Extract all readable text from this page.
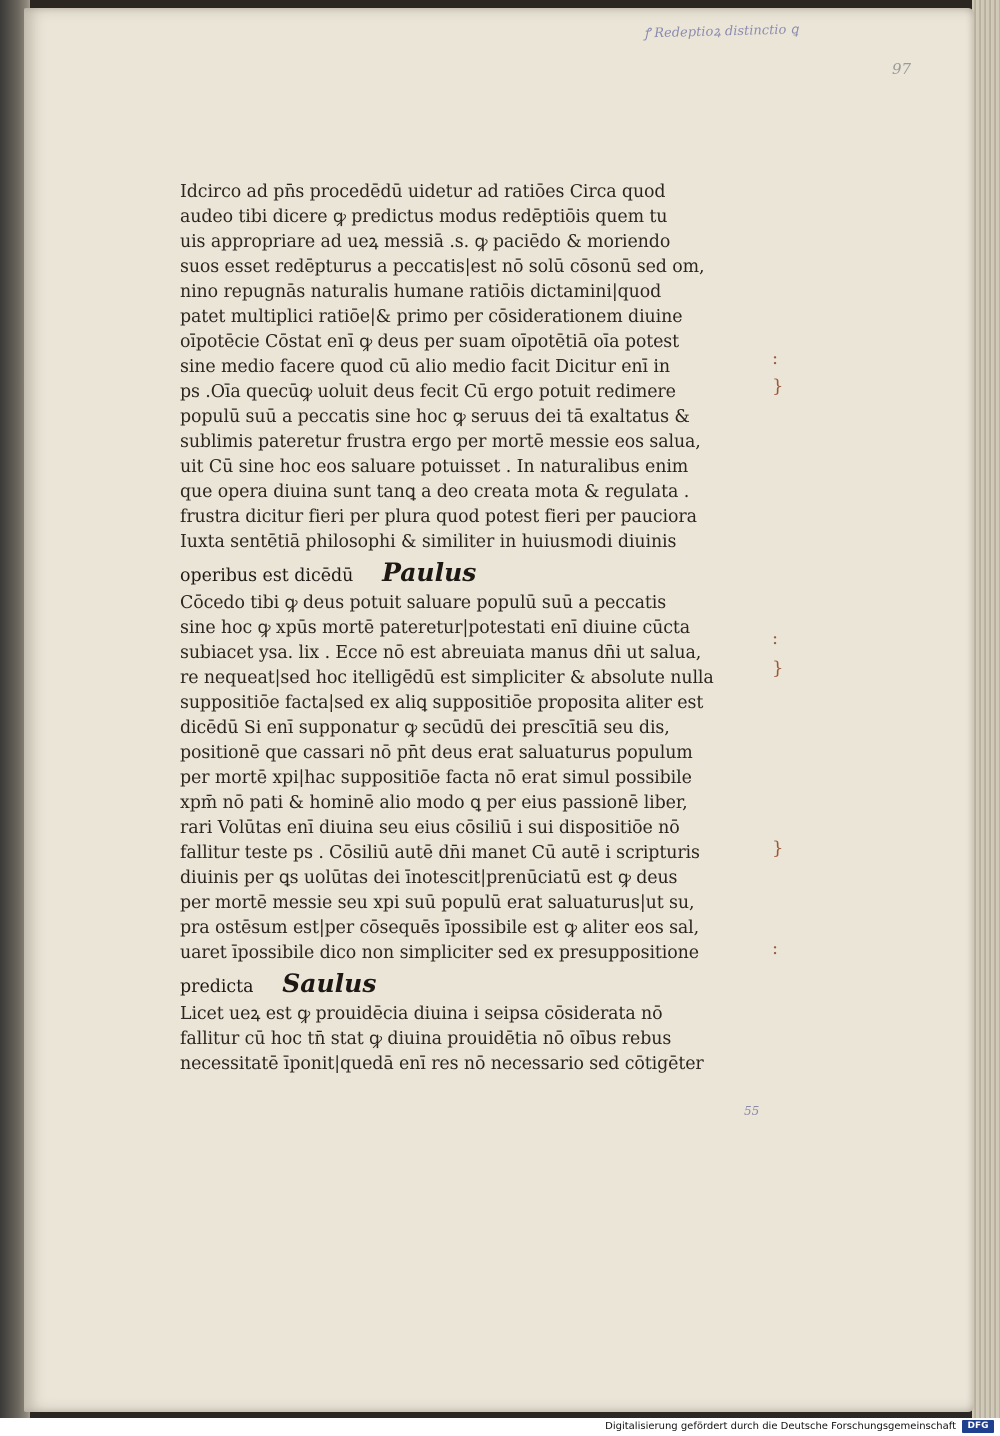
ꝭ Redeptioꝝ distinctio ꝗ
97
Idcirco ad pn̄s procedēdū uidetur ad ratiōes Circa quod
audeo tibi dicere ꝙ predictus modus redēptiōis quem tu
uis appropriare ad ueꝝ messiā .s. ꝙ paciēdo & moriendo
suos esset redēpturus a peccatis|est nō solū cōsonū sed om,
nino repugnās naturalis humane ratiōis dictamini|quod
patet multiplici ratiōe|& primo per cōsiderationem diuine
oīpotēcie Cōstat enī ꝙ deus per suam oīpotētiā oīa potest
sine medio facere quod cū alio medio facit Dicitur enī in
ps .Oīa quecūꝙ uoluit deus fecit Cū ergo potuit redimere
populū suū a peccatis sine hoc ꝙ seruus dei tā exaltatus &
sublimis pateretur frustra ergo per mortē messie eos salua,
uit Cū sine hoc eos saluare potuisset . In naturalibus enim
que opera diuina sunt tanꝗ a deo creata mota & regulata .
frustra dicitur fieri per plura quod potest fieri per pauciora
Iuxta sentētiā philosophi & similiter in huiusmodi diuinis
operibus est dicēdū Paulus
Cōcedo tibi ꝙ deus potuit saluare populū suū a peccatis
sine hoc ꝙ xpūs mortē pateretur|potestati enī diuine cūcta
subiacet ysa. lix . Ecce nō est abreuiata manus dn̄i ut salua,
re nequeat|sed hoc itelligēdū est simpliciter & absolute nulla
suppositiōe facta|sed ex aliꝗ suppositiōe proposita aliter est
dicēdū Si enī supponatur ꝙ secūdū dei prescītiā seu dis,
positionē que cassari nō pn̄t deus erat saluaturus populum
per mortē xpi|hac suppositiōe facta nō erat simul possibile
xpm̄ nō pati & hominē alio modo ꝗ per eius passionē liber,
rari Volūtas enī diuina seu eius cōsiliū i sui dispositiōe nō
fallitur teste ps . Cōsiliū autē dn̄i manet Cū autē i scripturis
diuinis per ꝗs uolūtas dei īnotescit|prenūciatū est ꝙ deus
per mortē messie seu xpi suū populū erat saluaturus|ut su,
pra ostēsum est|per cōsequēs īpossibile est ꝙ aliter eos sal,
uaret īpossibile dico non simpliciter sed ex presuppositione
predicta Saulus
Licet ueꝝ est ꝙ prouidēcia diuina i seipsa cōsiderata nō
fallitur cū hoc tn̄ stat ꝙ diuina prouidētia nō oībus rebus
necessitatē īponit|quedā enī res nō necessario sed cōtigēter
:
}
:
}
}
:
55
Digitalisierung gefördert durch die Deutsche Forschungsgemeinschaft	DFG
